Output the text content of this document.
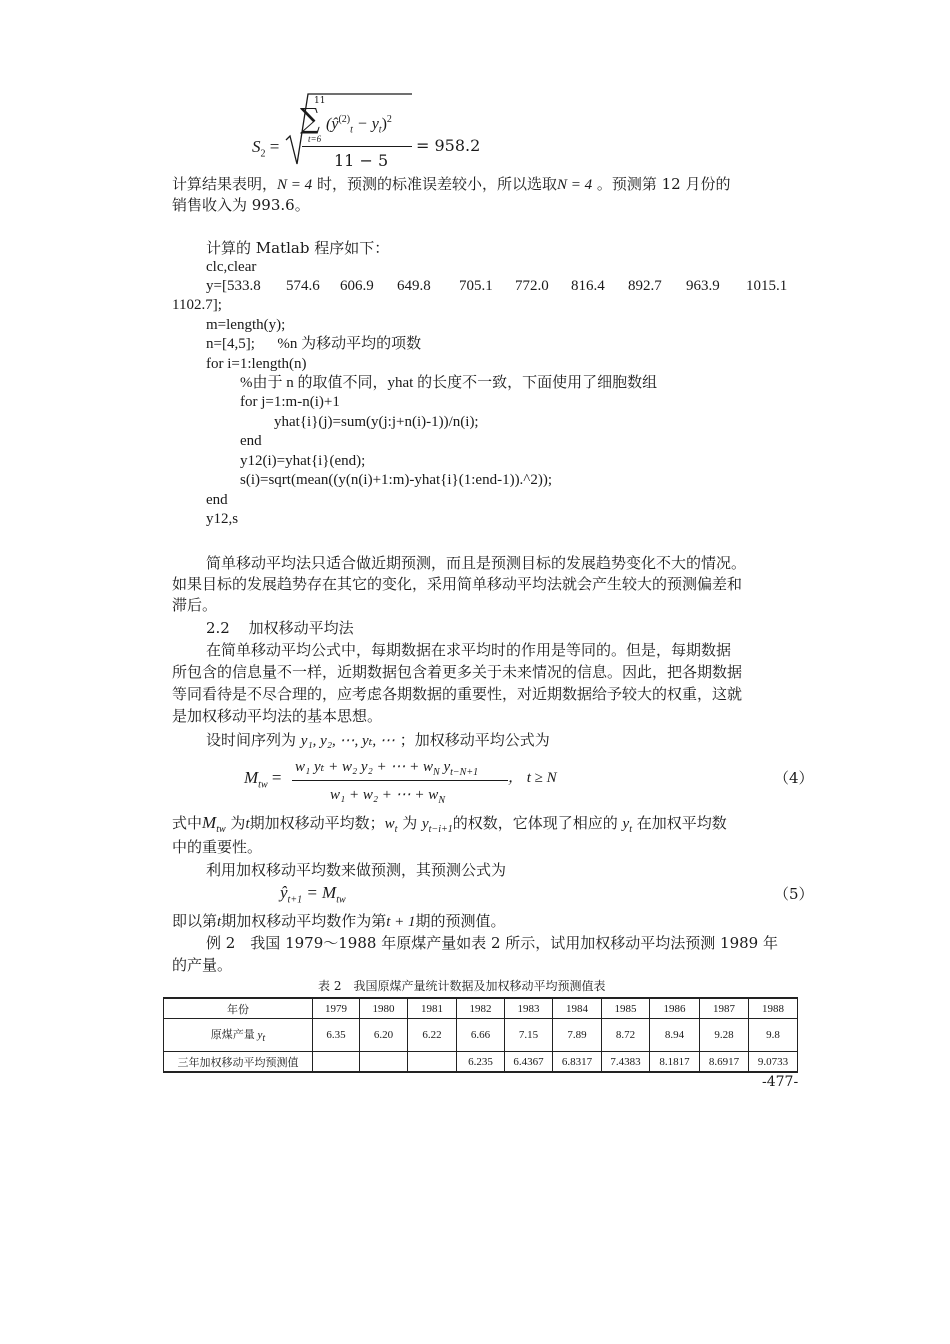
$S_2$ =
11
∑
t=6
$(ŷ^{(2)}_t - y_t)^2$
11 − 5
= 958.2
计算结果表明，N = 4 时，预测的标准误差较小，所以选取N = 4 。预测第 12 月份的
销售收入为 993.6。
计算的 Matlab 程序如下：
clc,clear
y=[533.8 574.6 606.9 649.8 705.1 772.0 816.4 892.7 963.9 1015.1
1102.7];
m=length(y);
n=[4,5];      %n 为移动平均的项数
for i=1:length(n)
%由于 n 的取值不同，yhat 的长度不一致，下面使用了细胞数组
for j=1:m-n(i)+1
yhat{i}(j)=sum(y(j:j+n(i)-1))/n(i);
end
y12(i)=yhat{i}(end);
s(i)=sqrt(mean((y(n(i)+1:m)-yhat{i}(1:end-1)).^2));
end
y12,s
简单移动平均法只适合做近期预测，而且是预测目标的发展趋势变化不大的情况。
如果目标的发展趋势存在其它的变化，采用简单移动平均法就会产生较大的预测偏差和
滞后。
2.2 加权移动平均法
在简单移动平均公式中，每期数据在求平均时的作用是等同的。但是，每期数据
所包含的信息量不一样，近期数据包含着更多关于未来情况的信息。因此，把各期数据
等同看待是不尽合理的，应考虑各期数据的重要性，对近期数据给予较大的权重，这就
是加权移动平均法的基本思想。
设时间序列为 y₁, y₂, ⋯, yₜ, ⋯ ；加权移动平均公式为
$M_{tw}$ =
w₁ yₜ + w₂ y₂ + ⋯ + $w_N$ $y_{t-N+1}$
w₁ + w₂ + ⋯ + $w_N$
， t ≥ N	（4）
式中$M_{tw}$ 为t期加权移动平均数；$w_t$ 为 $y_{t-i+1}$的权数，它体现了相应的 $y_t$ 在加权平均数
中的重要性。
利用加权移动平均数来做预测，其预测公式为
$ŷ_{t+1} = M_{tw}$	（5）
即以第t期加权移动平均数作为第t + 1期的预测值。
例 2　我国 1979～1988 年原煤产量如表 2 所示，试用加权移动平均法预测 1989 年
的产量。
表 2　我国原煤产量统计数据及加权移动平均预测值表
年份	1979	1980	1981	1982	1983	1984	1985	1986	1987	1988
原煤产量 $y_t$	6.35	6.20	6.22	6.66	7.15	7.89	8.72	8.94	9.28	9.8
三年加权移动平均预测值				6.235	6.4367	6.8317	7.4383	8.1817	8.6917	9.0733
-477-
